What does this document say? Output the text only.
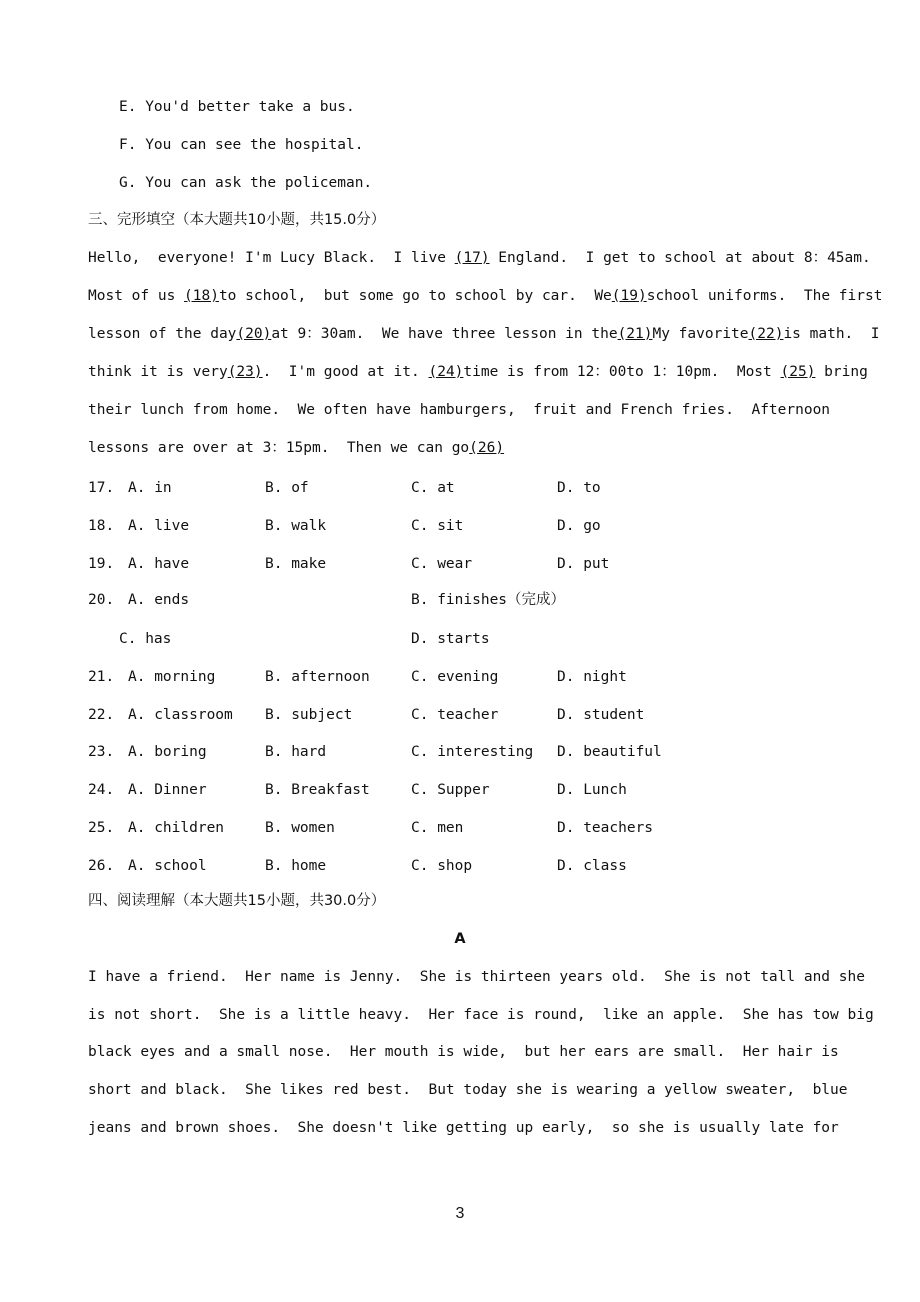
E. You'd better take a bus.
F. You can see the hospital.
G. You can ask the policeman.
三、完形填空（本大题共10小题，共15.0分）
Hello,  everyone! I'm Lucy Black.  I live (17) England.  I get to school at about 8：45am.
Most of us (18)to school,  but some go to school by car.  We(19)school uniforms.  The first
lesson of the day(20)at 9：30am.  We have three lesson in the(21)My favorite(22)is math.  I
think it is very(23).  I'm good at it. (24)time is from 12：00to 1：10pm.  Most (25) bring
their lunch from home.  We often have hamburgers,  fruit and French fries.  Afternoon
lessons are over at 3：15pm.  Then we can go(26)
17. A. in	B. of	C. at	D. to
18. A. live	B. walk	C. sit	D. go
19. A. have	B. make	C. wear	D. put
20. A. ends	B. finishes（完成）
C. has	D. starts
21. A. morning	B. afternoon	C. evening	D. night
22. A. classroom B. subject	C. teacher	D. student
23. A. boring	B. hard	C. interesting D. beautiful
24. A. Dinner	B. Breakfast	C. Supper	D. Lunch
25. A. children	B. women	C. men	D. teachers
26. A. school	B. home	C. shop	D. class
四、阅读理解（本大题共15小题，共30.0分）
A
I have a friend.  Her name is Jenny.  She is thirteen years old.  She is not tall and she
is not short.  She is a little heavy.  Her face is round,  like an apple.  She has tow big
black eyes and a small nose.  Her mouth is wide,  but her ears are small.  Her hair is
short and black.  She likes red best.  But today she is wearing a yellow sweater,  blue
jeans and brown shoes.  She doesn't like getting up early,  so she is usually late for
3
